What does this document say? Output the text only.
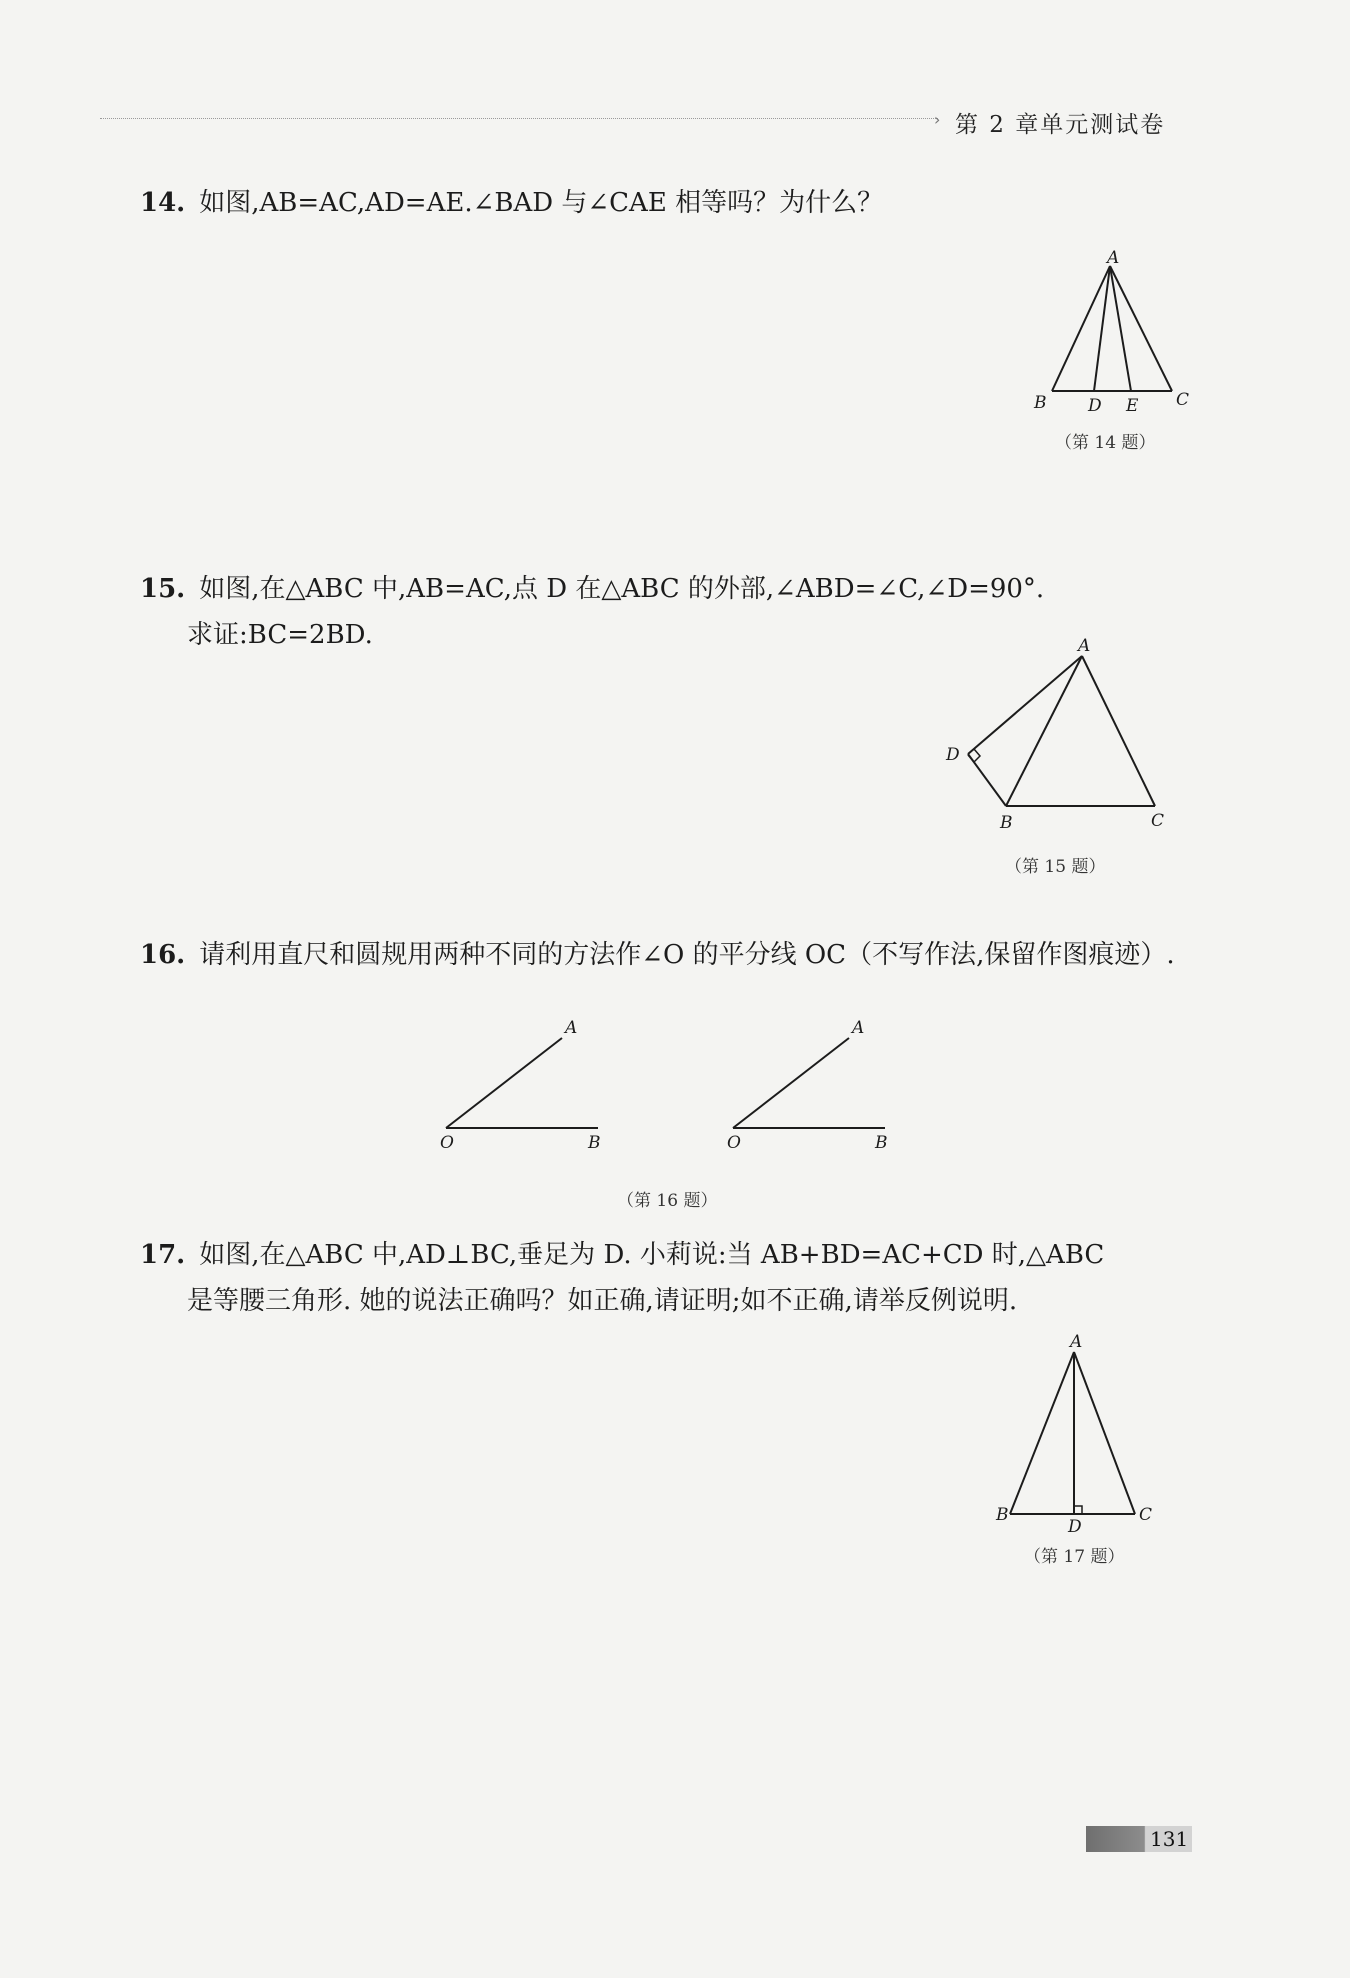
› 第 2 章单元测试卷
14. 如图,AB=AC,AD=AE.∠BAD 与∠CAE 相等吗？为什么？
A
B D E C
（第 14 题）
15. 如图,在△ABC 中,AB=AC,点 D 在△ABC 的外部,∠ABD=∠C,∠D=90°.
求证:BC=2BD.	A
D
B	C
（第 15 题）
16. 请利用直尺和圆规用两种不同的方法作∠O 的平分线 OC（不写作法,保留作图痕迹）.
A
O	B
A
O	B
（第 16 题）
17. 如图,在△ABC 中,AD⊥BC,垂足为 D. 小莉说:当 AB+BD=AC+CD 时,△ABC
是等腰三角形. 她的说法正确吗？如正确,请证明;如不正确,请举反例说明.
A
B
D
C
（第 17 题）
131
